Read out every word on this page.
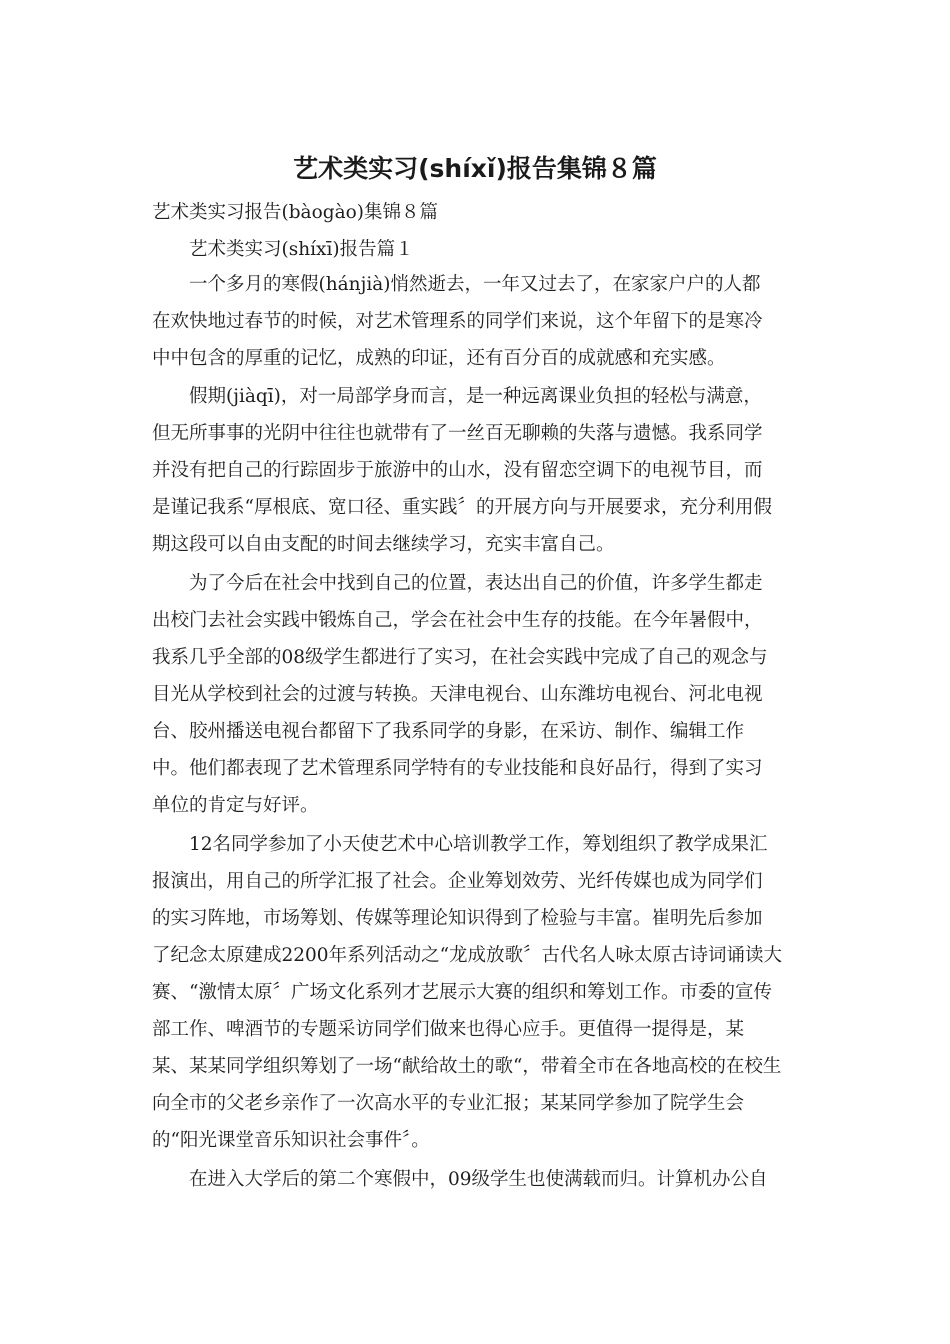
艺术类实习(shíxǐ)报告集锦８篇

艺术类实习报告(bàogào)集锦８篇

艺术类实习(shíxī)报告篇１

一个多月的寒假(hánjià)悄然逝去，一年又过去了，在家家户户的人都

在欢快地过春节的时候，对艺术管理系的同学们来说，这个年留下的是寒冷

中中包含的厚重的记忆，成熟的印证，还有百分百的成就感和充实感。

假期(jiàqī)，对一局部学身而言，是一种远离课业负担的轻松与满意，

但无所事事的光阴中往往也就带有了一丝百无聊赖的失落与遗憾。我系同学

并没有把自己的行踪固步于旅游中的山水，没有留恋空调下的电视节目，而

是谨记我系“厚根底、宽口径、重实践〞的开展方向与开展要求，充分利用假

期这段可以自由支配的时间去继续学习，充实丰富自己。

为了今后在社会中找到自己的位置，表达出自己的价值，许多学生都走

出校门去社会实践中锻炼自己，学会在社会中生存的技能。在今年暑假中，

我系几乎全部的08级学生都进行了实习，在社会实践中完成了自己的观念与

目光从学校到社会的过渡与转换。天津电视台、山东潍坊电视台、河北电视

台、胶州播送电视台都留下了我系同学的身影，在采访、制作、编辑工作

中。他们都表现了艺术管理系同学特有的专业技能和良好品行，得到了实习

单位的肯定与好评。

12名同学参加了小天使艺术中心培训教学工作，筹划组织了教学成果汇

报演出，用自己的所学汇报了社会。企业筹划效劳、光纤传媒也成为同学们

的实习阵地，市场筹划、传媒等理论知识得到了检验与丰富。崔明先后参加

了纪念太原建成2200年系列活动之“龙成放歌〞古代名人咏太原古诗词诵读大

赛、“激情太原〞广场文化系列才艺展示大赛的组织和筹划工作。市委的宣传

部工作、啤酒节的专题采访同学们做来也得心应手。更值得一提得是，某

某、某某同学组织筹划了一场“献给故土的歌“，带着全市在各地高校的在校生

向全市的父老乡亲作了一次高水平的专业汇报；某某同学参加了院学生会

的“阳光课堂音乐知识社会事件〞。

在进入大学后的第二个寒假中，09级学生也使满载而归。计算机办公自
